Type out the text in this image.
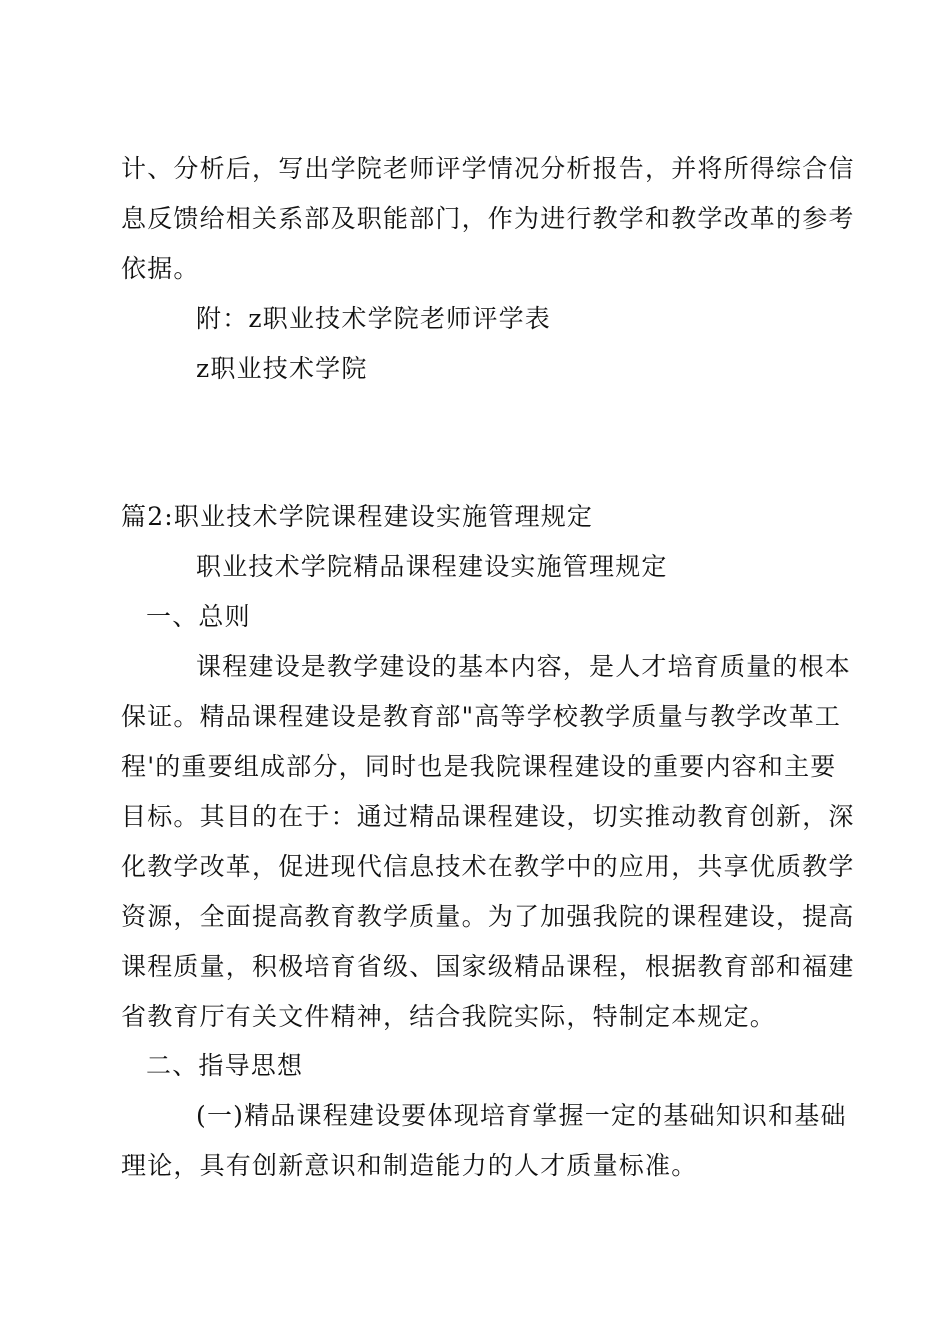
计、分析后，写出学院老师评学情况分析报告，并将所得综合信
息反馈给相关系部及职能部门，作为进行教学和教学改革的参考
依据。
附：z职业技术学院老师评学表
z职业技术学院
篇2:职业技术学院课程建设实施管理规定
职业技术学院精品课程建设实施管理规定
一、总则
课程建设是教学建设的基本内容，是人才培育质量的根本
保证。精品课程建设是教育部"高等学校教学质量与教学改革工
程'的重要组成部分，同时也是我院课程建设的重要内容和主要
目标。其目的在于：通过精品课程建设，切实推动教育创新，深
化教学改革，促进现代信息技术在教学中的应用，共享优质教学
资源，全面提高教育教学质量。为了加强我院的课程建设，提高
课程质量，积极培育省级、国家级精品课程，根据教育部和福建
省教育厅有关文件精神，结合我院实际，特制定本规定。
二、指导思想
(一)精品课程建设要体现培育掌握一定的基础知识和基础
理论，具有创新意识和制造能力的人才质量标准。
